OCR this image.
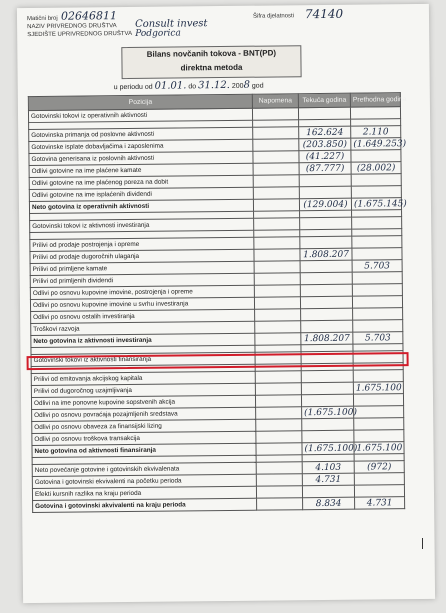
Matični broj 02646811	Šifra djelatnosti 74140
NAZIV PRIVREDNOG DRUŠTVA Consult invest
SJEDIŠTE UPRIVREDNOG DRUŠTVA Podgorica
Bilans novčanih tokova - BNT(PD)
direktna metoda
u periodu od 01.01. do 31.12. 2008 god
Pozicija	Napomena	Tekuća godina	Prethodna godina
Gotovinski tokovi iz operativnih aktivnosti			

Gotovinska primanja od poslovne aktivnosti		162.624	2.110
Gotovinske isplate dobavljačima i zaposlenima		(203.850)	(1.649.253)
Gotovina generisana iz poslovnih aktivnosti		(41.227)	
Odlivi gotovine na ime plaćene kamate		(87.777)	(28.002)
Odlivi gotovine na ime plaćenog poreza na dobit			
Odlivi gotovine na ime isplaćenih dividendi			
Neto gotovina iz operativnih aktivnosti		(129.004)	(1.675.145)

Gotovinski tokovi iz aktivnosti investiranja			

Prilivi od prodaje postrojenja i opreme			
Prilivi od prodaje dugoročnih ulaganja		1.808.207	
Prilivi od primljene kamate			5.703
Prilivi od primljenih dividendi			
Odlivi po osnovu kupovine imovine, postrojenja i opreme			
Odlivi po osnovu kupovine imovine u svrhu investiranja			
Odlivi po osnovu ostalih investiranja			
Troškovi razvoja			
Neto gotovina iz aktivnosti investiranja		1.808.207	5.703

Gotovinski tokovi iz aktivnosti finansiranja			

Prilivi od emitovanja akcijskog kapitala			
Prilivi od dugoročnog uzajmljivanja			1.675.100
Odlivi na ime ponovne kupovine sopstvenih akcija			
Odlivi po osnovu povraćaja pozajmljenih sredstava		(1.675.100)	
Odlivi po osnovu obaveza za finansijski lizing			
Odlivi po osnovu troškova transakcija			
Neto gotovina od aktivnosti finansiranja		(1.675.100)	1.675.100

Neto povećanje gotovine i gotovinskih ekvivalenata		4.103	(972)
Gotovina i gotovinski ekvivalenti na početku perioda		4.731	
Efekti kursnih razlika na kraju perioda			
Gotovina i gotovinski akvivalenti na kraju perioda		8.834	4.731
